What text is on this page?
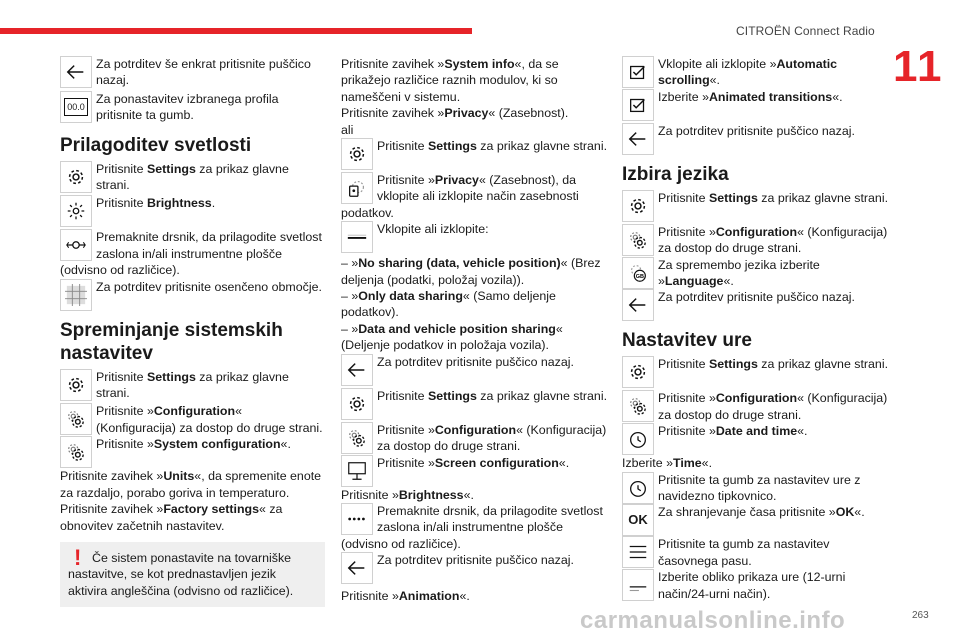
CITROËN Connect Radio
11
Za potrditev še enkrat pritisnite puščico nazaj.
00.0
Za ponastavitev izbranega profila pritisnite ta gumb.
Prilagoditev svetlosti
Pritisnite Settings za prikaz glavne strani.
Pritisnite Brightness.
Premaknite drsnik, da prilagodite svetlost zaslona in/ali instrumentne plošče (odvisno od različice).
Za potrditev pritisnite osenčeno območje.
Spreminjanje sistemskih nastavitev
Pritisnite Settings za prikaz glavne strani.
Pritisnite »Configuration« (Konfiguracija) za dostop do druge strani.
Pritisnite »System configuration«.
Pritisnite zavihek »Units«, da spremenite enote za razdaljo, porabo goriva in temperaturo.
Pritisnite zavihek »Factory settings« za obnovitev začetnih nastavitev.
! Če sistem ponastavite na tovarniške nastavitve, se kot prednastavljen jezik aktivira angleščina (odvisno od različice).
Pritisnite zavihek »System info«, da se prikažejo različice raznih modulov, ki so nameščeni v sistemu.
Pritisnite zavihek »Privacy« (Zasebnost).
ali
Pritisnite Settings za prikaz glavne strani.
Pritisnite »Privacy« (Zasebnost), da vklopite ali izklopite način zasebnosti podatkov.
Vklopite ali izklopite:
– »No sharing (data, vehicle position)« (Brez deljenja (podatki, položaj vozila)).
– »Only data sharing« (Samo deljenje podatkov).
– »Data and vehicle position sharing« (Deljenje podatkov in položaja vozila).
Za potrditev pritisnite puščico nazaj.
Pritisnite Settings za prikaz glavne strani.
Pritisnite »Configuration« (Konfiguracija) za dostop do druge strani.
Pritisnite »Screen configuration«.
Pritisnite »Brightness«.
Premaknite drsnik, da prilagodite svetlost zaslona in/ali instrumentne plošče (odvisno od različice).
Za potrditev pritisnite puščico nazaj.
Pritisnite »Animation«.
Vklopite ali izklopite »Automatic scrolling«.
Izberite »Animated transitions«.
Za potrditev pritisnite puščico nazaj.
Izbira jezika
Pritisnite Settings za prikaz glavne strani.
Pritisnite »Configuration« (Konfiguracija) za dostop do druge strani.
Za spremembo jezika izberite »Language«.
Za potrditev pritisnite puščico nazaj.
Nastavitev ure
Pritisnite Settings za prikaz glavne strani.
Pritisnite »Configuration« (Konfiguracija) za dostop do druge strani.
Pritisnite »Date and time«.
Izberite »Time«.
Pritisnite ta gumb za nastavitev ure z navidezno tipkovnico.
OK Za shranjevanje časa pritisnite »OK«.
Pritisnite ta gumb za nastavitev časovnega pasu.
Izberite obliko prikaza ure (12-urni način/24-urni način).
carmanualsonline.info	263
